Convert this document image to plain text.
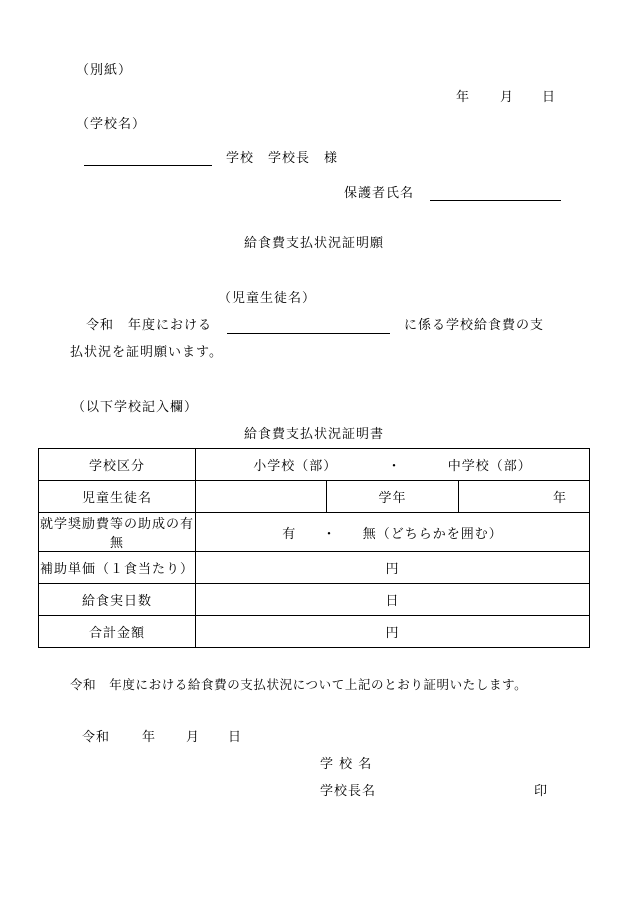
（別紙）
年 月 日
（学校名）
学校　学校長　様
保護者氏名
給食費支払状況証明願
（児童生徒名）
令和 年度における	に係る学校給食費の支
払状況を証明願います。
（以下学校記入欄）
給食費支払状況証明書
学校区分	小学校（部） ・ 中学校（部）		
児童生徒名		学年	年
就学奨励費等の助成の有無	有 ・ 無（どちらかを囲む）		
補助単価（１食当たり）	円		
給食実日数	日		
合計金額	円		
令和　年度における給食費の支払状況について上記のとおり証明いたします。
令和 年 月 日
学 校 名
学校長名	印
